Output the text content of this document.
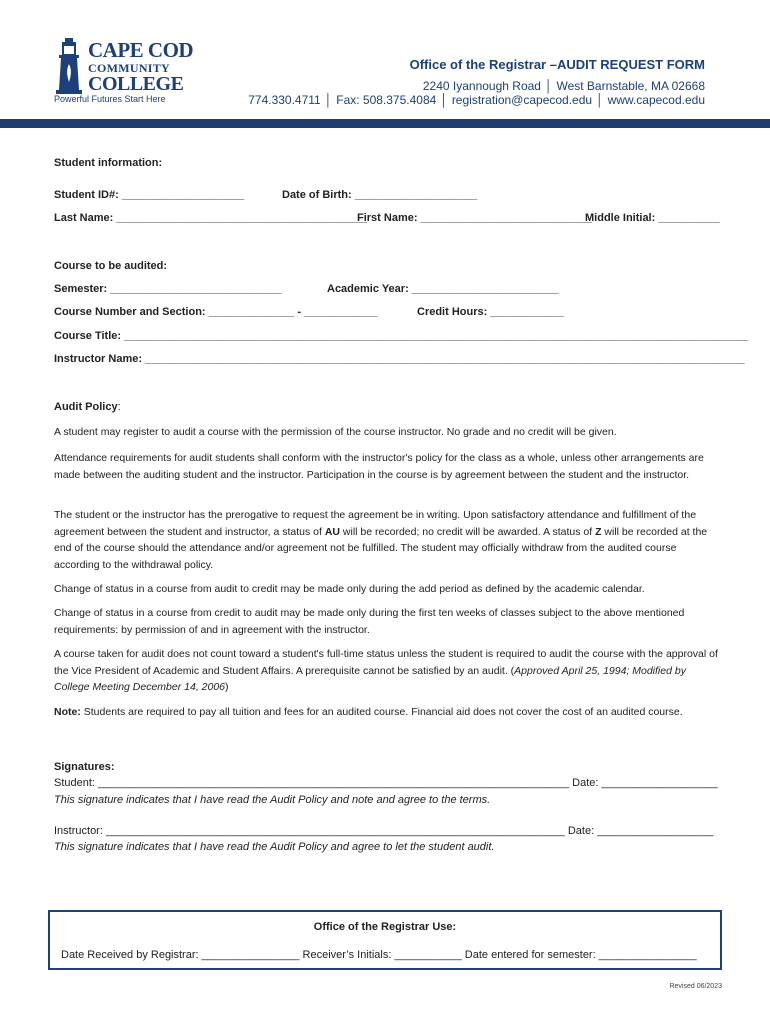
CAPE COD
COMMUNITY
COLLEGE
Powerful Futures Start Here
Office of the Registrar –AUDIT REQUEST FORM
2240 Iyannough Road │ West Barnstable, MA 02668
774.330.4711 │ Fax: 508.375.4084 │ registration@capecod.edu │ www.capecod.edu
Student information:
Student ID#: ____________________	Date of Birth: ____________________
Last Name: _________________________________________
First Name: ____________________________
Middle Initial: __________
Course to be audited:
Semester: ____________________________	Academic Year: ________________________
Course Number and Section: ______________ - ____________	Credit Hours: ____________
Course Title: ______________________________________________________________________________________________________
Instructor Name: __________________________________________________________________________________________________
Audit Policy:

A student may register to audit a course with the permission of the course instructor. No grade and no credit will be given.

Attendance requirements for audit students shall conform with the instructor's policy for the class as a whole, unless other arrangements are made between the auditing student and the instructor. Participation in the course is by agreement between the student and the instructor.

The student or the instructor has the prerogative to request the agreement be in writing. Upon satisfactory attendance and fulfillment of the agreement between the student and instructor, a status of AU will be recorded; no credit will be awarded. A status of Z will be recorded at the end of the course should the attendance and/or agreement not be fulfilled. The student may officially withdraw from the audited course according to the withdrawal policy.

Change of status in a course from audit to credit may be made only during the add period as defined by the academic calendar.

Change of status in a course from credit to audit may be made only during the first ten weeks of classes subject to the above mentioned requirements: by permission of and in agreement with the instructor.

A course taken for audit does not count toward a student's full-time status unless the student is required to audit the course with the approval of the Vice President of Academic and Student Affairs. A prerequisite cannot be satisfied by an audit. (Approved April 25, 1994; Modified by College Meeting December 14, 2006)

Note: Students are required to pay all tuition and fees for an audited course. Financial aid does not cover the cost of an audited course.

Signatures:
Student: _____________________________________________________________________________ Date: ___________________
This signature indicates that I have read the Audit Policy and note and agree to the terms.
Instructor: ___________________________________________________________________________ Date: ___________________
This signature indicates that I have read the Audit Policy and agree to let the student audit.
Office of the Registrar Use:
Date Received by Registrar: ________________ Receiver’s Initials: ___________ Date entered for semester: ________________
Revised 06/2023
